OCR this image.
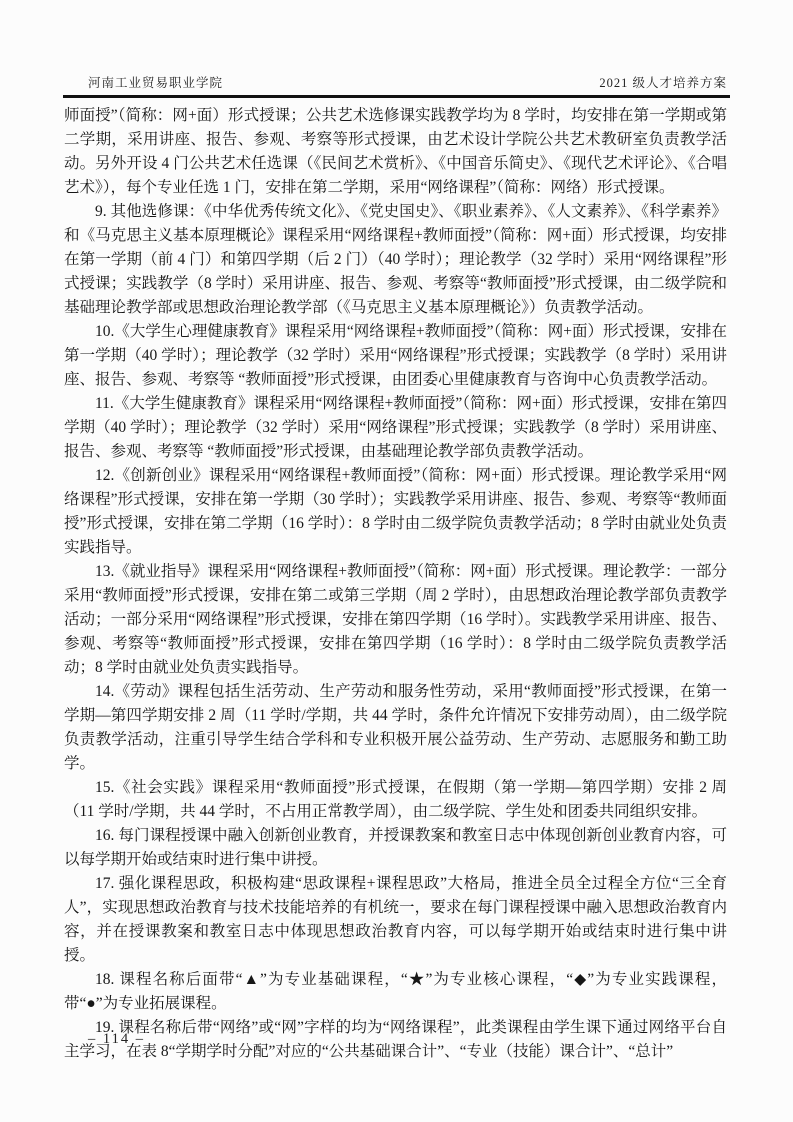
河南工业贸易职业学院	2021 级人才培养方案

师面授”（简称：网+面）形式授课；公共艺术选修课实践教学均为 8 学时，均安排在第一学期或第二学期，采用讲座、报告、参观、考察等形式授课，由艺术设计学院公共艺术教研室负责教学活动。另外开设 4 门公共艺术任选课（《民间艺术赏析》、《中国音乐简史》、《现代艺术评论》、《合唱艺术》），每个专业任选 1 门，安排在第二学期，采用“网络课程”（简称：网络）形式授课。

9. 其他选修课：《中华优秀传统文化》、《党史国史》、《职业素养》、《人文素养》、《科学素养》和《马克思主义基本原理概论》课程采用“网络课程+教师面授”（简称：网+面）形式授课，均安排在第一学期（前 4 门）和第四学期（后 2 门）（40 学时）；理论教学（32 学时）采用“网络课程”形式授课；实践教学（8 学时）采用讲座、报告、参观、考察等“教师面授”形式授课，由二级学院和基础理论教学部或思想政治理论教学部（《马克思主义基本原理概论》）负责教学活动。

10.《大学生心理健康教育》课程采用“网络课程+教师面授”（简称：网+面）形式授课，安排在第一学期（40 学时）；理论教学（32 学时）采用“网络课程”形式授课；实践教学（8 学时）采用讲座、报告、参观、考察等 “教师面授”形式授课，由团委心里健康教育与咨询中心负责教学活动。

11.《大学生健康教育》课程采用“网络课程+教师面授”（简称：网+面）形式授课，安排在第四学期（40 学时）；理论教学（32 学时）采用“网络课程”形式授课；实践教学（8 学时）采用讲座、报告、参观、考察等 “教师面授”形式授课，由基础理论教学部负责教学活动。

12.《创新创业》课程采用“网络课程+教师面授”（简称：网+面）形式授课。理论教学采用“网络课程”形式授课，安排在第一学期（30 学时）；实践教学采用讲座、报告、参观、考察等“教师面授”形式授课，安排在第二学期（16 学时）：8 学时由二级学院负责教学活动；8 学时由就业处负责实践指导。

13.《就业指导》课程采用“网络课程+教师面授”（简称：网+面）形式授课。理论教学：一部分采用“教师面授”形式授课，安排在第二或第三学期（周 2 学时），由思想政治理论教学部负责教学活动；一部分采用“网络课程”形式授课，安排在第四学期（16 学时）。实践教学采用讲座、报告、参观、考察等“教师面授”形式授课，安排在第四学期（16 学时）：8 学时由二级学院负责教学活动；8 学时由就业处负责实践指导。

14.《劳动》课程包括生活劳动、生产劳动和服务性劳动，采用“教师面授”形式授课，在第一学期—第四学期安排 2 周（11 学时/学期，共 44 学时，条件允许情况下安排劳动周），由二级学院负责教学活动，注重引导学生结合学科和专业积极开展公益劳动、生产劳动、志愿服务和勤工助学。

15.《社会实践》课程采用“教师面授”形式授课，在假期（第一学期—第四学期）安排 2 周（11 学时/学期，共 44 学时，不占用正常教学周），由二级学院、学生处和团委共同组织安排。

16. 每门课程授课中融入创新创业教育，并授课教案和教室日志中体现创新创业教育内容，可以每学期开始或结束时进行集中讲授。

17. 强化课程思政，积极构建“思政课程+课程思政”大格局，推进全员全过程全方位“三全育人”，实现思想政治教育与技术技能培养的有机统一，要求在每门课程授课中融入思想政治教育内容，并在授课教案和教室日志中体现思想政治教育内容，可以每学期开始或结束时进行集中讲授。

18. 课程名称后面带“▲”为专业基础课程，“★”为专业核心课程，“◆”为专业实践课程，带“●”为专业拓展课程。

19. 课程名称后带“网络”或“网”字样的均为“网络课程”，此类课程由学生课下通过网络平台自主学习，在表 8“学期学时分配”对应的“公共基础课合计”、“专业（技能）课合计”、“总计”

– 114 –
